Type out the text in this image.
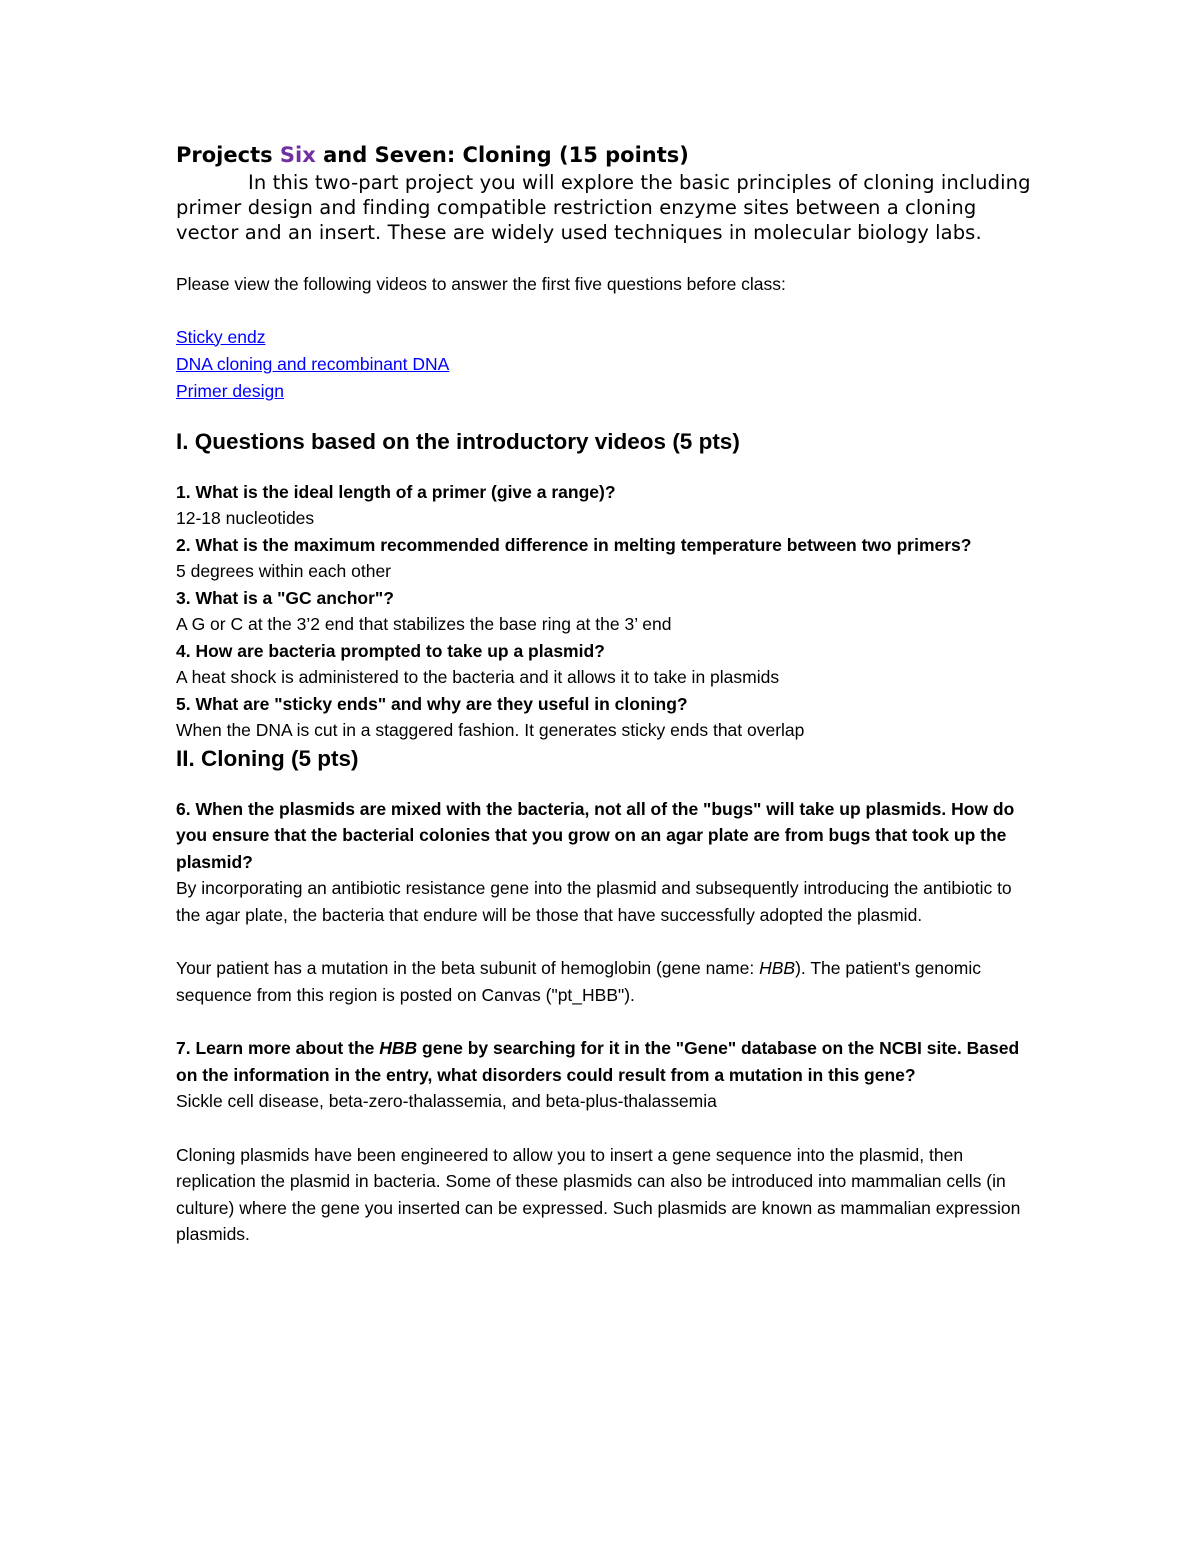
Projects Six and Seven: Cloning (15 points)

In this two-part project you will explore the basic principles of cloning including primer design and finding compatible restriction enzyme sites between a cloning vector and an insert. These are widely used techniques in molecular biology labs.

Please view the following videos to answer the first five questions before class:

Sticky endz
DNA cloning and recombinant DNA
Primer design
I. Questions based on the introductory videos (5 pts)

1. What is the ideal length of a primer (give a range)?

12-18 nucleotides

2. What is the maximum recommended difference in melting temperature between two primers?

5 degrees within each other

3. What is a "GC anchor"?

A G or C at the 3’2 end that stabilizes the base ring at the 3’ end

4. How are bacteria prompted to take up a plasmid?

A heat shock is administered to the bacteria and it allows it to take in plasmids

5. What are "sticky ends" and why are they useful in cloning?

When the DNA is cut in a staggered fashion. It generates sticky ends that overlap

II. Cloning (5 pts)

6. When the plasmids are mixed with the bacteria, not all of the "bugs" will take up plasmids. How do you ensure that the bacterial colonies that you grow on an agar plate are from bugs that took up the plasmid?

By incorporating an antibiotic resistance gene into the plasmid and subsequently introducing the antibiotic to the agar plate, the bacteria that endure will be those that have successfully adopted the plasmid.

Your patient has a mutation in the beta subunit of hemoglobin (gene name: HBB). The patient's genomic sequence from this region is posted on Canvas ("pt_HBB").

7. Learn more about the HBB gene by searching for it in the "Gene" database on the NCBI site. Based on the information in the entry, what disorders could result from a mutation in this gene?

Sickle cell disease, beta-zero-thalassemia, and beta-plus-thalassemia

Cloning plasmids have been engineered to allow you to insert a gene sequence into the plasmid, then replication the plasmid in bacteria. Some of these plasmids can also be introduced into mammalian cells (in culture) where the gene you inserted can be expressed. Such plasmids are known as mammalian expression plasmids.
